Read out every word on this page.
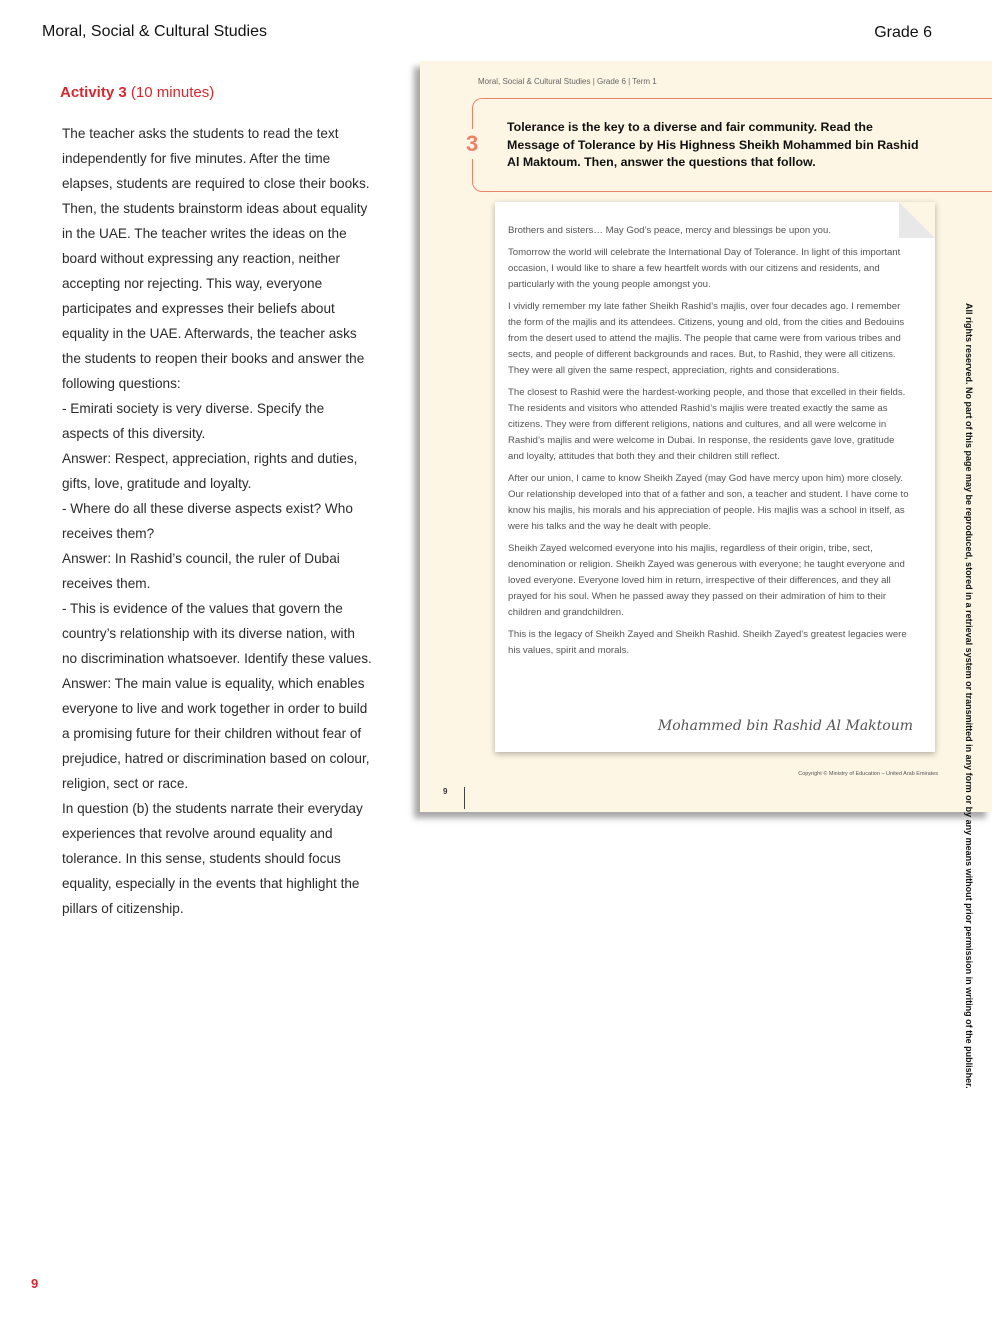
Moral, Social & Cultural Studies	Grade 6
Activity 3 (10 minutes)

The teacher asks the students to read the text independently for five minutes. After the time elapses, students are required to close their books. Then, the students brainstorm ideas about equality in the UAE. The teacher writes the ideas on the board without expressing any reaction, neither accepting nor rejecting. This way, everyone participates and expresses their beliefs about equality in the UAE. Afterwards, the teacher asks the students to reopen their books and answer the following questions:

- Emirati society is very diverse. Specify the aspects of this diversity.

Answer: Respect, appreciation, rights and duties, gifts, love, gratitude and loyalty.

- Where do all these diverse aspects exist? Who receives them?

Answer: In Rashid’s council, the ruler of Dubai receives them.

- This is evidence of the values that govern the country’s relationship with its diverse nation, with no discrimination whatsoever. Identify these values.

Answer: The main value is equality, which enables everyone to live and work together in order to build a promising future for their children without fear of prejudice, hatred or discrimination based on colour, religion, sect or race.

In question (b) the students narrate their everyday experiences that revolve around equality and tolerance. In this sense, students should focus equality, especially in the events that highlight the pillars of citizenship.

Moral, Social & Cultural Studies | Grade 6 | Term 1
3
Tolerance is the key to a diverse and fair community. Read the Message of Tolerance by His Highness Sheikh Mohammed bin Rashid Al Maktoum. Then, answer the questions that follow.

Brothers and sisters… May God’s peace, mercy and blessings be upon you.

Tomorrow the world will celebrate the International Day of Tolerance. In light of this important occasion, I would like to share a few heartfelt words with our citizens and residents, and particularly with the young people amongst you.

I vividly remember my late father Sheikh Rashid’s majlis, over four decades ago. I remember the form of the majlis and its attendees. Citizens, young and old, from the cities and Bedouins from the desert used to attend the majlis. The people that came were from various tribes and sects, and people of different backgrounds and races. But, to Rashid, they were all citizens. They were all given the same respect, appreciation, rights and considerations.

The closest to Rashid were the hardest-working people, and those that excelled in their fields. The residents and visitors who attended Rashid’s majlis were treated exactly the same as citizens. They were from different religions, nations and cultures, and all were welcome in Rashid’s majlis and were welcome in Dubai. In response, the residents gave love, gratitude and loyalty, attitudes that both they and their children still reflect.

After our union, I came to know Sheikh Zayed (may God have mercy upon him) more closely. Our relationship developed into that of a father and son, a teacher and student. I have come to know his majlis, his morals and his appreciation of people. His majlis was a school in itself, as were his talks and the way he dealt with people.

Sheikh Zayed welcomed everyone into his majlis, regardless of their origin, tribe, sect, denomination or religion. Sheikh Zayed was generous with everyone; he taught everyone and loved everyone. Everyone loved him in return, irrespective of their differences, and they all prayed for his soul. When he passed away they passed on their admiration of him to their children and grandchildren.

This is the legacy of Sheikh Zayed and Sheikh Rashid. Sheikh Zayed’s greatest legacies were his values, spirit and morals.

Mohammed bin Rashid Al Maktoum
Copyright © Ministry of Education – United Arab Emirates
9	All rights reserved. No part of this page may be reproduced, stored in a retrieval system or transmitted in any form or by any means without prior permission in writing of the publisher.
9
